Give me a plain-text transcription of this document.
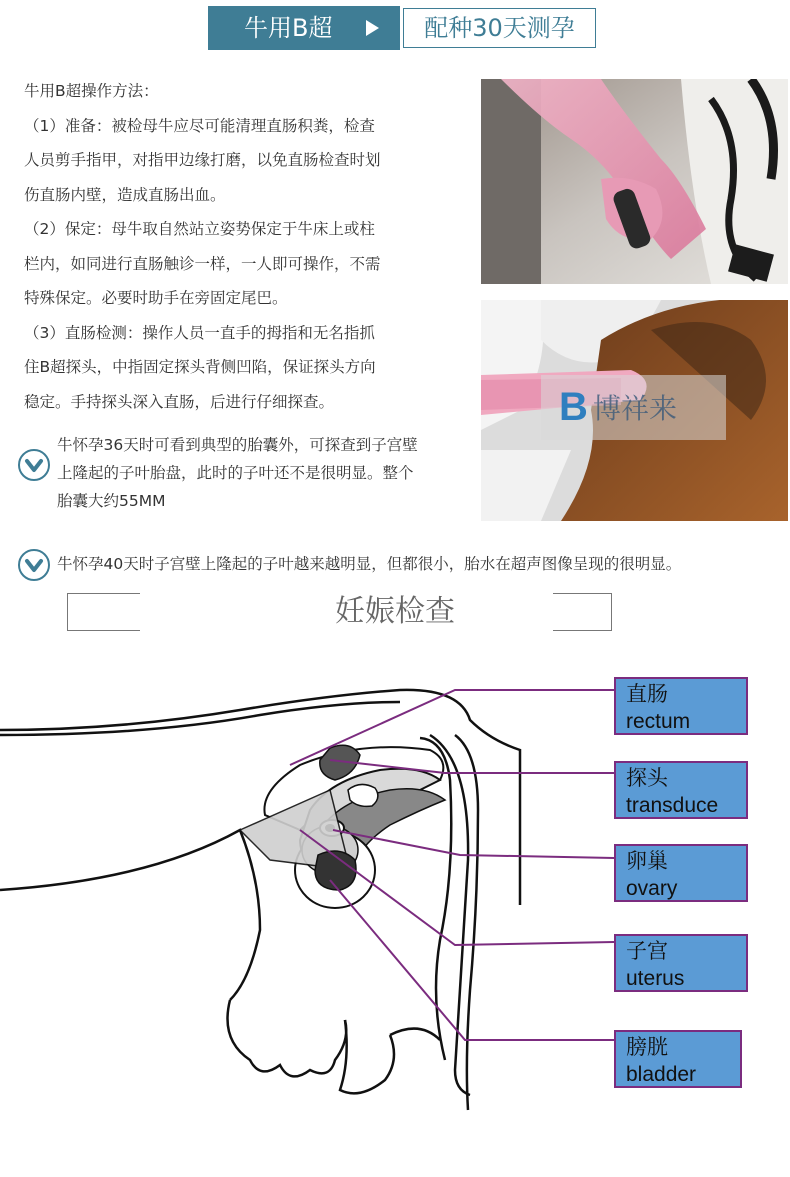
牛用B超	配种30天测孕

牛用B超操作方法：

（1）准备：被检母牛应尽可能清理直肠积粪，检查

人员剪手指甲，对指甲边缘打磨，以免直肠检查时划

伤直肠内壁，造成直肠出血。

（2）保定：母牛取自然站立姿势保定于牛床上或柱

栏内，如同进行直肠触诊一样，一人即可操作，不需

特殊保定。必要时助手在旁固定尾巴。

（3）直肠检测：操作人员一直手的拇指和无名指抓

住B超探头，中指固定探头背侧凹陷，保证探头方向

稳定。手持探头深入直肠，后进行仔细探查。	B 博祥来
牛怀孕36天时可看到典型的胎囊外，可探查到子宫壁
上隆起的子叶胎盘，此时的子叶还不是很明显。整个
胎囊大约55MM
牛怀孕40天时子宫壁上隆起的子叶越来越明显，但都很小，胎水在超声图像呈现的很明显。
妊娠检查
直肠
rectum
探头
transduce
卵巢
ovary
子宫
uterus
膀胱
bladder
